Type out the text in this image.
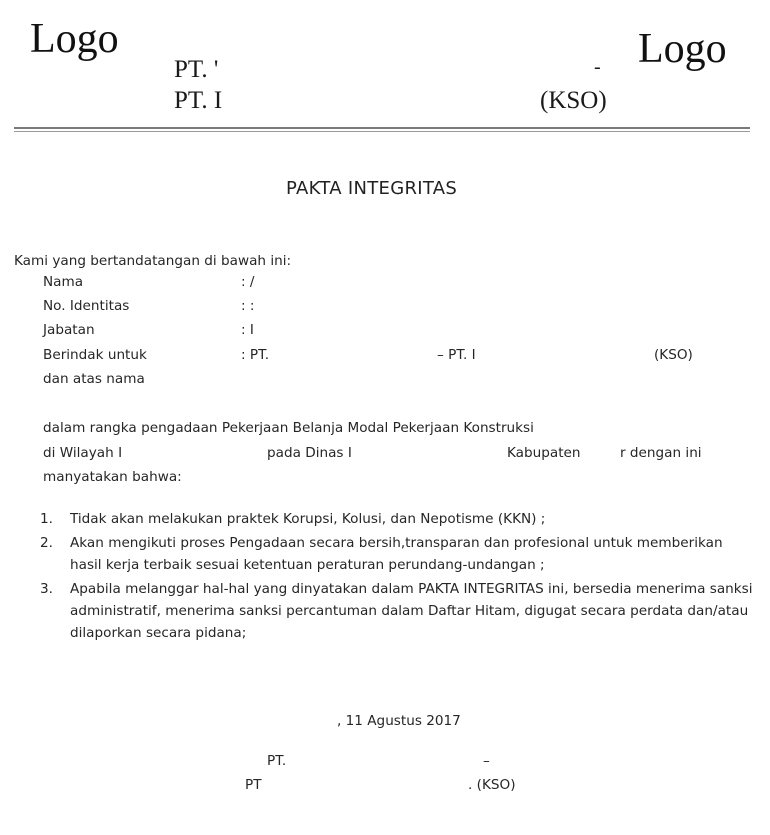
Logo	Logo
PT. '	-
PT. I	(KSO)
PAKTA INTEGRITAS
Kami yang bertandatangan di bawah ini:
Nama	: /
No. Identitas	: :
Jabatan	: I
Berindak untuk	: PT.	– PT. I	(KSO)
dan atas nama
dalam rangka pengadaan Pekerjaan Belanja Modal Pekerjaan Konstruksi
di Wilayah I	pada Dinas I	Kabupaten	r dengan ini
manyatakan bahwa:
1. Tidak akan melakukan praktek Korupsi, Kolusi, dan Nepotisme (KKN) ;
2. Akan mengikuti proses Pengadaan secara bersih,transparan dan profesional untuk memberikan hasil kerja terbaik sesuai ketentuan peraturan perundang-undangan ;
3. Apabila melanggar hal-hal yang dinyatakan dalam PAKTA INTEGRITAS ini, bersedia menerima sanksi administratif, menerima sanksi percantuman dalam Daftar Hitam, digugat secara perdata dan/atau dilaporkan secara pidana;
, 11 Agustus 2017
PT.	–
PT	. (KSO)
